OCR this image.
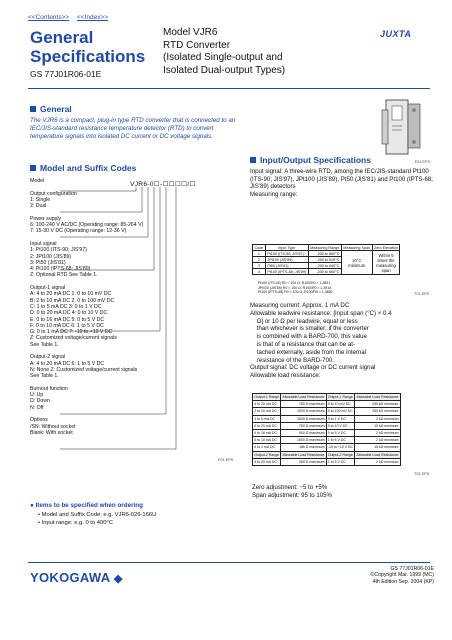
<<Contents>> <<Index>>
General
Specifications
GS 77J01R06-01E
Model VJR6
RTD Converter
(Isolated Single-output and
Isolated Dual-output Types)
JUXTA
General
The VJR6 is a compact, plug-in type RTD converter that is connected to an IEC/JIS-standard resistance temperature detector (RTD) to convert temperature signals into isolated DC current or DC voltage signals.
F01.EPS
Model and Suffix Codes
VJR6-0☐-☐☐☐☐/☐
Model
Output configuration
1: Single
2: Dual
Power supply
6: 100-240 V AC/DC (Operating range: 85-264 V)
7: 15-30 V DC (Operating range: 12-36 V)
Input signal
1: Pt100 (ITS-90; JIS'97)
2: JPt100 (JIS'89)
3: Pt50 (JIS'81)
4: Pt100 (IPTS-68; JIS'89)
Z: Optional RTD See Table 1.
Output-1 signal
A: 4 to 20 mA DC 1: 0 to 10 mV DC
B: 2 to 10 mA DC 2: 0 to 100 mV DC
C: 1 to 5 mA DC 3: 0 to 1 V DC
D: 0 to 20 mA DC 4: 0 to 10 V DC
E: 0 to 16 mA DC 5: 0 to 5 V DC
F: 0 to 10 mA DC 6: 1 to 5 V DC
G: 0 to 1 mA DC 7: -10 to +10 V DC
Z: Customized voltage/current signals
See Table 1.
Output-2 signal
A: 4 to 20 mA DC 6: 1 to 5 V DC
N: None Z: Customized voltage/current signals
See Table 1.
Burnout function
U: Up
D: Down
N: Off
Options
/SN: Without socket
Blank: With socket
F01.EPS
● Items to be specified when ordering
• Model and Suffix Code: e.g. VJR6-026-166U
• Input range: e.g. 0 to 400°C
Input/Output Specifications
Input signal: A three-wire RTD, among the IEC/JIS-standard Pt100 (ITS-90; JIS'97), JPt100 (JIS'89), Pt50 (JIS'81) and Pt100 (IPTS-68; JIS'89) detectors
Measuring range:
Code	Input Type	Measuring Range	Measuring Span	Zero Elevation
1	Pt100 (ITS-90; JIS'97)	-200 to 850°C	10°C minimum	Within 5 times the measuring span
2	JPt100 (JIS'89)	-200 to 510°C		
3	Pt50 (JIS'81)	-200 to 649°C		
4	Pt100 (IPTS-68; JIS'89)	-200 to 660°C		
Pt100 (ITS-90) R0 = 100 Ω, R100/R0 = 1.3851
JPt100 (JIS'89) R0 = 100 Ω, R100/R0 = 1.3916
Pt100 (IPTS-68) R0 = 100 Ω, R100/R0 = 1.3850	T01.EPS
Measuring current: Approx. 1 mA DC
Allowable leadwire resistance: [Input span (°C) × 0.4
Ω] or 10 Ω per leadwire, equal or less
than whichever is smaller; if the converter
is combined with a BARD-700, this value
is that of a resistance that can be at-
tached externally, aside from the internal
resistance of the BARD-700.
Output signal: DC voltage or DC current signal
Allowable load resistance:
Output-1 Range	Allowable Load Resistance	Output-1 Range	Allowable Load Resistance
4 to 20 mA DC	750 Ω maximum	0 to 10 mV DC	250 kΩ minimum
2 to 10 mA DC	1500 Ω maximum	0 to 100 mV DC	250 kΩ minimum
1 to 5 mA DC	3000 Ω maximum	0 to 1 V DC	2 kΩ minimum
0 to 20 mA DC	750 Ω maximum	0 to 10 V DC	10 kΩ minimum
0 to 16 mA DC	900 Ω maximum	0 to 5 V DC	2 kΩ minimum
0 to 10 mA DC	1500 Ω maximum	1 to 5 V DC	2 kΩ minimum
0 to 1 mA DC	15k Ω maximum	-10 to +10 V DC	10 kΩ minimum
Output-2 Range	Allowable Load Resistance	Output-2 Range	Allowable Load Resistance
4 to 20 mA DC	350 Ω maximum	1 to 5 V DC	2 kΩ minimum
T02.EPS
Zero adjustment: −5 to +5%
Span adjustment: 95 to 105%
YOKOGAWA ◆
GS 77J01R06-01E
©Copyright Mar. 1999 (MC)
4th Edition Sep. 2004 (KP)
